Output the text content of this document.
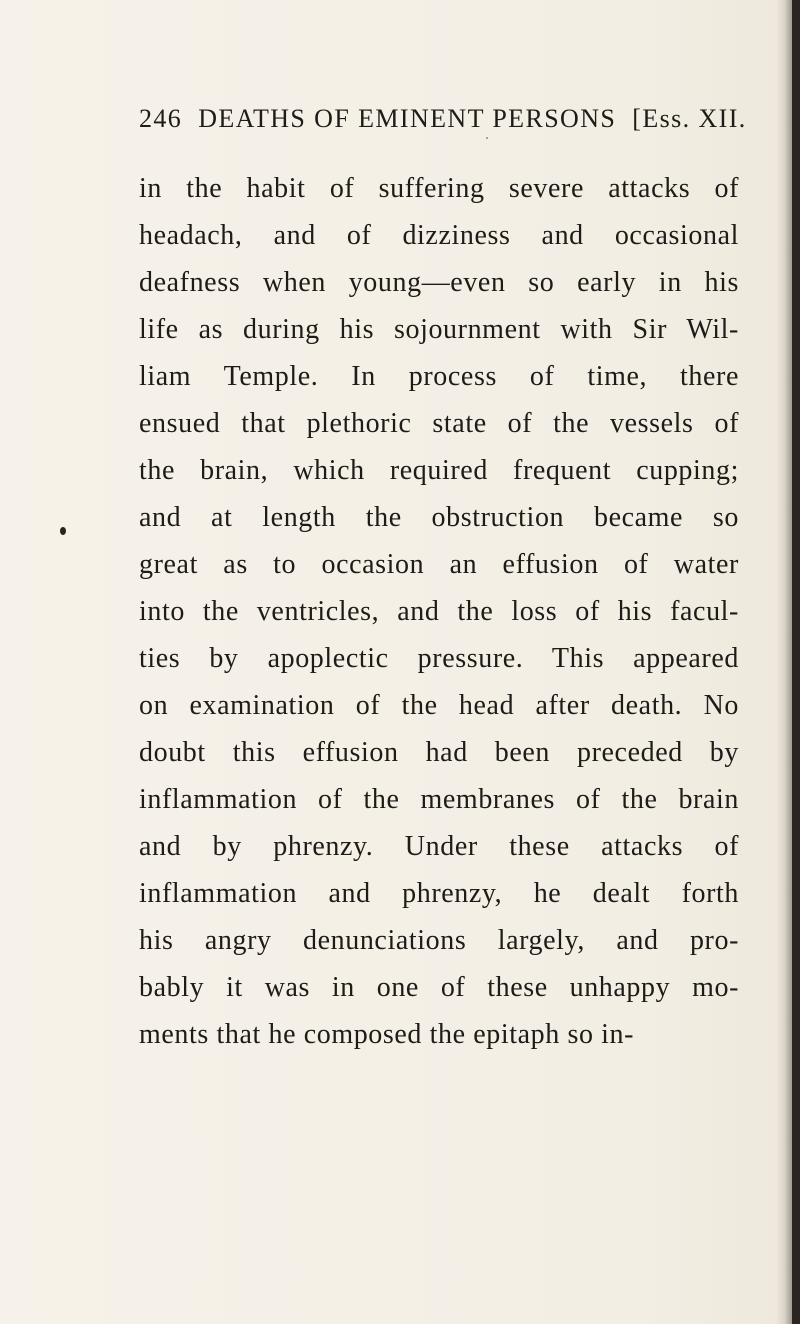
246 DEATHS OF EMINENT PERSONS [Ess. XII.
in the habit of suffering severe attacks of
headach, and of dizziness and occasional
deafness when young—even so early in his
life as during his sojournment with Sir Wil-
liam Temple. In process of time, there
ensued that plethoric state of the vessels of
the brain, which required frequent cupping;
and at length the obstruction became so
great as to occasion an effusion of water
into the ventricles, and the loss of his facul-
ties by apoplectic pressure. This appeared
on examination of the head after death. No
doubt this effusion had been preceded by
inflammation of the membranes of the brain
and by phrenzy. Under these attacks of
inflammation and phrenzy, he dealt forth
his angry denunciations largely, and pro-
bably it was in one of these unhappy mo-
ments that he composed the epitaph so in-
